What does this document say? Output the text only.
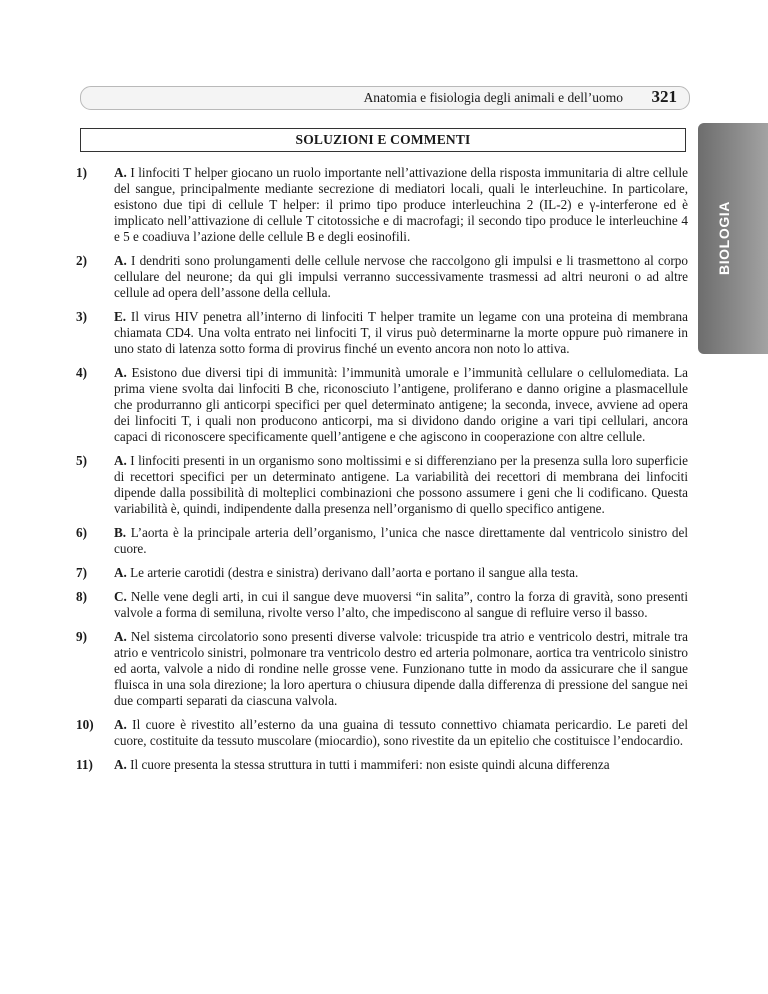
Anatomia e fisiologia degli animali e dell’uomo 321
BIOLOGIA
SOLUZIONI E COMMENTI
1) A. I linfociti T helper giocano un ruolo importante nell’attivazione della risposta immunitaria di altre cellule del sangue, principalmente mediante secrezione di mediatori locali, quali le interleuchine. In particolare, esistono due tipi di cellule T helper: il primo tipo produce interleuchina 2 (IL-2) e γ-interferone ed è implicato nell’attivazione di cellule T citotossiche e di macrofagi; il secondo tipo produce le interleuchine 4 e 5 e coadiuva l’azione delle cellule B e degli eosinofili.
2) A. I dendriti sono prolungamenti delle cellule nervose che raccolgono gli impulsi e li trasmettono al corpo cellulare del neurone; da qui gli impulsi verranno successivamente trasmessi ad altri neuroni o ad altre cellule ad opera dell’assone della cellula.
3) E. Il virus HIV penetra all’interno di linfociti T helper tramite un legame con una proteina di membrana chiamata CD4. Una volta entrato nei linfociti T, il virus può determinarne la morte oppure può rimanere in uno stato di latenza sotto forma di provirus finché un evento ancora non noto lo attiva.
4) A. Esistono due diversi tipi di immunità: l’immunità umorale e l’immunità cellulare o cellulomediata. La prima viene svolta dai linfociti B che, riconosciuto l’antigene, proliferano e danno origine a plasmacellule che produrranno gli anticorpi specifici per quel determinato antigene; la seconda, invece, avviene ad opera dei linfociti T, i quali non producono anticorpi, ma si dividono dando origine a vari tipi cellulari, ancora capaci di riconoscere specificamente quell’antigene e che agiscono in cooperazione con altre cellule.
5) A. I linfociti presenti in un organismo sono moltissimi e si differenziano per la presenza sulla loro superficie di recettori specifici per un determinato antigene. La variabilità dei recettori di membrana dei linfociti dipende dalla possibilità di molteplici combinazioni che possono assumere i geni che li codificano. Questa variabilità è, quindi, indipendente dalla presenza nell’organismo di quello specifico antigene.
6) B. L’aorta è la principale arteria dell’organismo, l’unica che nasce direttamente dal ventricolo sinistro del cuore.
7) A. Le arterie carotidi (destra e sinistra) derivano dall’aorta e portano il sangue alla testa.
8) C. Nelle vene degli arti, in cui il sangue deve muoversi “in salita”, contro la forza di gravità, sono presenti valvole a forma di semiluna, rivolte verso l’alto, che impediscono al sangue di refluire verso il basso.
9) A. Nel sistema circolatorio sono presenti diverse valvole: tricuspide tra atrio e ventricolo destri, mitrale tra atrio e ventricolo sinistri, polmonare tra ventricolo destro ed arteria polmonare, aortica tra ventricolo sinistro ed aorta, valvole a nido di rondine nelle grosse vene. Funzionano tutte in modo da assicurare che il sangue fluisca in una sola direzione; la loro apertura o chiusura dipende dalla differenza di pressione del sangue nei due comparti separati da ciascuna valvola.
10) A. Il cuore è rivestito all’esterno da una guaina di tessuto connettivo chiamata pericardio. Le pareti del cuore, costituite da tessuto muscolare (miocardio), sono rivestite da un epitelio che costituisce l’endocardio.
11) A. Il cuore presenta la stessa struttura in tutti i mammiferi: non esiste quindi alcuna differenza
